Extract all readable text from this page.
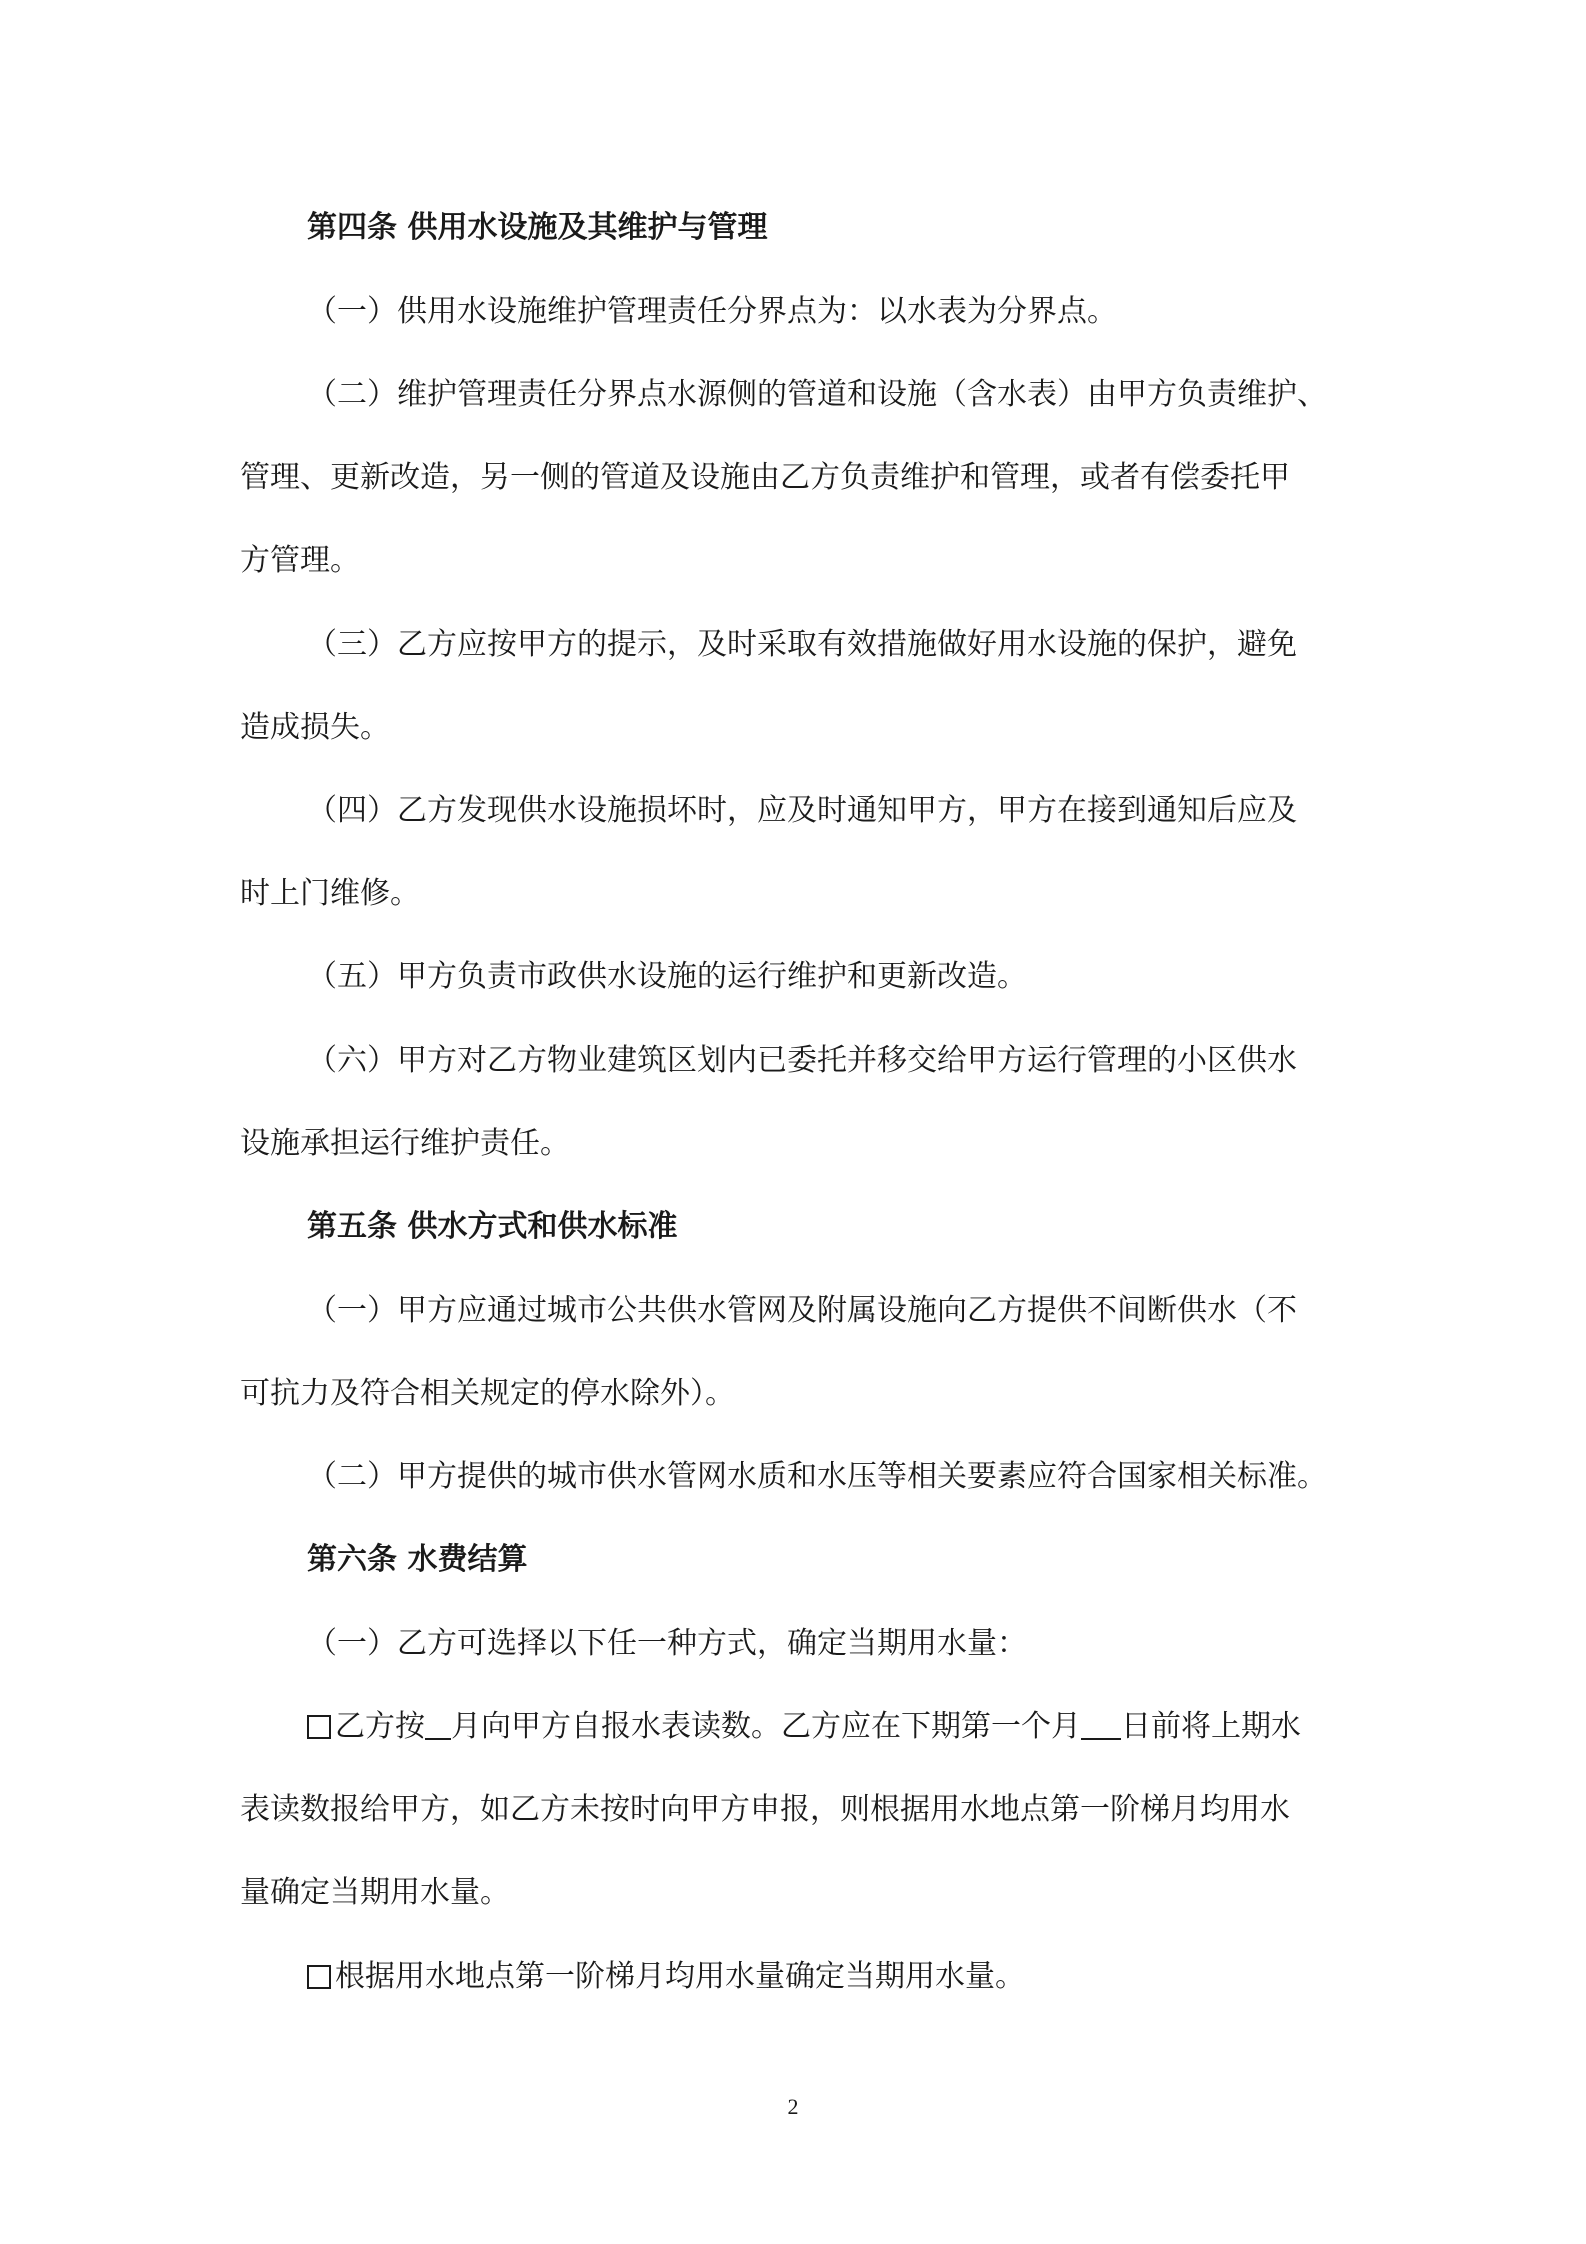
第四条 供用水设施及其维护与管理
（一）供用水设施维护管理责任分界点为：以水表为分界点。
（二）维护管理责任分界点水源侧的管道和设施（含水表）由甲方负责维护、
管理、更新改造，另一侧的管道及设施由乙方负责维护和管理，或者有偿委托甲
方管理。
（三）乙方应按甲方的提示，及时采取有效措施做好用水设施的保护，避免
造成损失。
（四）乙方发现供水设施损坏时，应及时通知甲方，甲方在接到通知后应及
时上门维修。
（五）甲方负责市政供水设施的运行维护和更新改造。
（六）甲方对乙方物业建筑区划内已委托并移交给甲方运行管理的小区供水
设施承担运行维护责任。
第五条 供水方式和供水标准
（一）甲方应通过城市公共供水管网及附属设施向乙方提供不间断供水（不
可抗力及符合相关规定的停水除外）。
（二）甲方提供的城市供水管网水质和水压等相关要素应符合国家相关标准。
第六条 水费结算
（一）乙方可选择以下任一种方式，确定当期用水量：
乙方按 月向甲方自报水表读数。乙方应在下期第一个月 日前将上期水
表读数报给甲方，如乙方未按时向甲方申报，则根据用水地点第一阶梯月均用水
量确定当期用水量。
根据用水地点第一阶梯月均用水量确定当期用水量。
2
